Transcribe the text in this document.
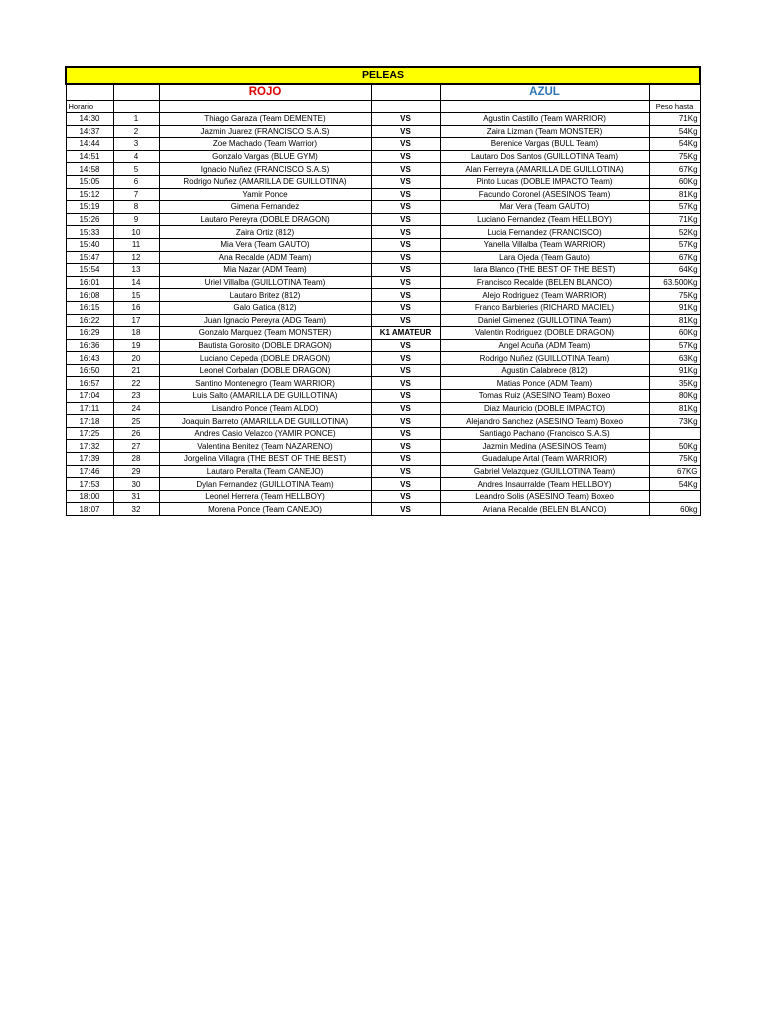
PELEAS					
		ROJO		AZUL	
Horario					Peso hasta
14:30	1	Thiago Garaza (Team DEMENTE)	VS	Agustin Castillo (Team WARRIOR)	71Kg
14:37	2	Jazmin Juarez (FRANCISCO S.A.S)	VS	Zaira Lizman (Team MONSTER)	54Kg
14:44	3	Zoe Machado (Team Warrior)	VS	Berenice Vargas (BULL Team)	54Kg
14:51	4	Gonzalo Vargas (BLUE GYM)	VS	Lautaro Dos Santos (GUILLOTINA Team)	75Kg
14:58	5	Ignacio Nuñez (FRANCISCO S.A.S)	VS	Alan Ferreyra (AMARILLA DE GUILLOTINA)	67Kg
15:05	6	Rodrigo Nuñez (AMARILLA DE GUILLOTINA)	VS	Pinto Lucas (DOBLE IMPACTO Team)	60Kg
15:12	7	Yamir Ponce	VS	Facundo Coronel (ASESINOS Team)	81Kg
15:19	8	Gimena Fernandez	VS	Mar Vera (Team GAUTO)	57Kg
15:26	9	Lautaro Pereyra (DOBLE DRAGON)	VS	Luciano Fernandez (Team HELLBOY)	71Kg
15:33	10	Zaira Ortiz (812)	VS	Lucia Fernandez (FRANCISCO)	52Kg
15:40	11	Mia Vera (Team GAUTO)	VS	Yanella Villalba (Team WARRIOR)	57Kg
15:47	12	Ana Recalde (ADM Team)	VS	Lara Ojeda (Team Gauto)	67Kg
15:54	13	Mia Nazar (ADM Team)	VS	Iara Blanco (THE BEST OF THE BEST)	64Kg
16:01	14	Uriel Villalba (GUILLOTINA Team)	VS	Francisco Recalde (BELEN BLANCO)	63.500Kg
16:08	15	Lautaro Britez (812)	VS	Alejo Rodriguez (Team WARRIOR)	75Kg
16:15	16	Galo Gatica (812)	VS	Franco Barbieries (RICHARD MACIEL)	91Kg
16:22	17	Juan Ignacio Pereyra (ADG Team)	VS	Daniel Gimenez (GUILLOTINA Team)	81Kg
16:29	18	Gonzalo Marquez (Team MONSTER)	K1 AMATEUR	Valentin Rodriguez (DOBLE DRAGON)	60Kg
16:36	19	Bautista Gorosito (DOBLE DRAGON)	VS	Angel Acuña (ADM Team)	57Kg
16:43	20	Luciano Cepeda (DOBLE DRAGON)	VS	Rodrigo Nuñez (GUILLOTINA Team)	63Kg
16:50	21	Leonel Corbalan (DOBLE DRAGON)	VS	Agustin Calabrece (812)	91Kg
16:57	22	Santino Montenegro (Team WARRIOR)	VS	Matias Ponce (ADM Team)	35Kg
17:04	23	Luis Salto (AMARILLA DE GUILLOTINA)	VS	Tomas Ruiz (ASESINO Team) Boxeo	80Kg
17:11	24	Lisandro Ponce (Team ALDO)	VS	Diaz Mauricio (DOBLE IMPACTO)	81Kg
17:18	25	Joaquin Barreto (AMARILLA DE GUILLOTINA)	VS	Alejandro Sanchez (ASESINO Team) Boxeo	73Kg
17:25	26	Andres Casio Velazco (YAMIR PONCE)	VS	Santiago Pachano (Francisco S.A.S)	
17:32	27	Valentina Benitez (Team NAZARENO)	VS	Jazmin Medina (ASESINOS Team)	50Kg
17:39	28	Jorgelina Villagra (THE BEST OF THE BEST)	VS	Guadalupe Artal (Team WARRIOR)	75Kg
17:46	29	Lautaro Peralta (Team CANEJO)	VS	Gabriel Velazquez (GUILLOTINA Team)	67KG
17:53	30	Dylan Fernandez (GUILLOTINA Team)	VS	Andres Insaurralde (Team HELLBOY)	54Kg
18:00	31	Leonel Herrera (Team HELLBOY)	VS	Leandro Solis (ASESINO Team) Boxeo	
18:07	32	Morena Ponce (Team CANEJO)	VS	Ariana Recalde (BELEN BLANCO)	60kg
